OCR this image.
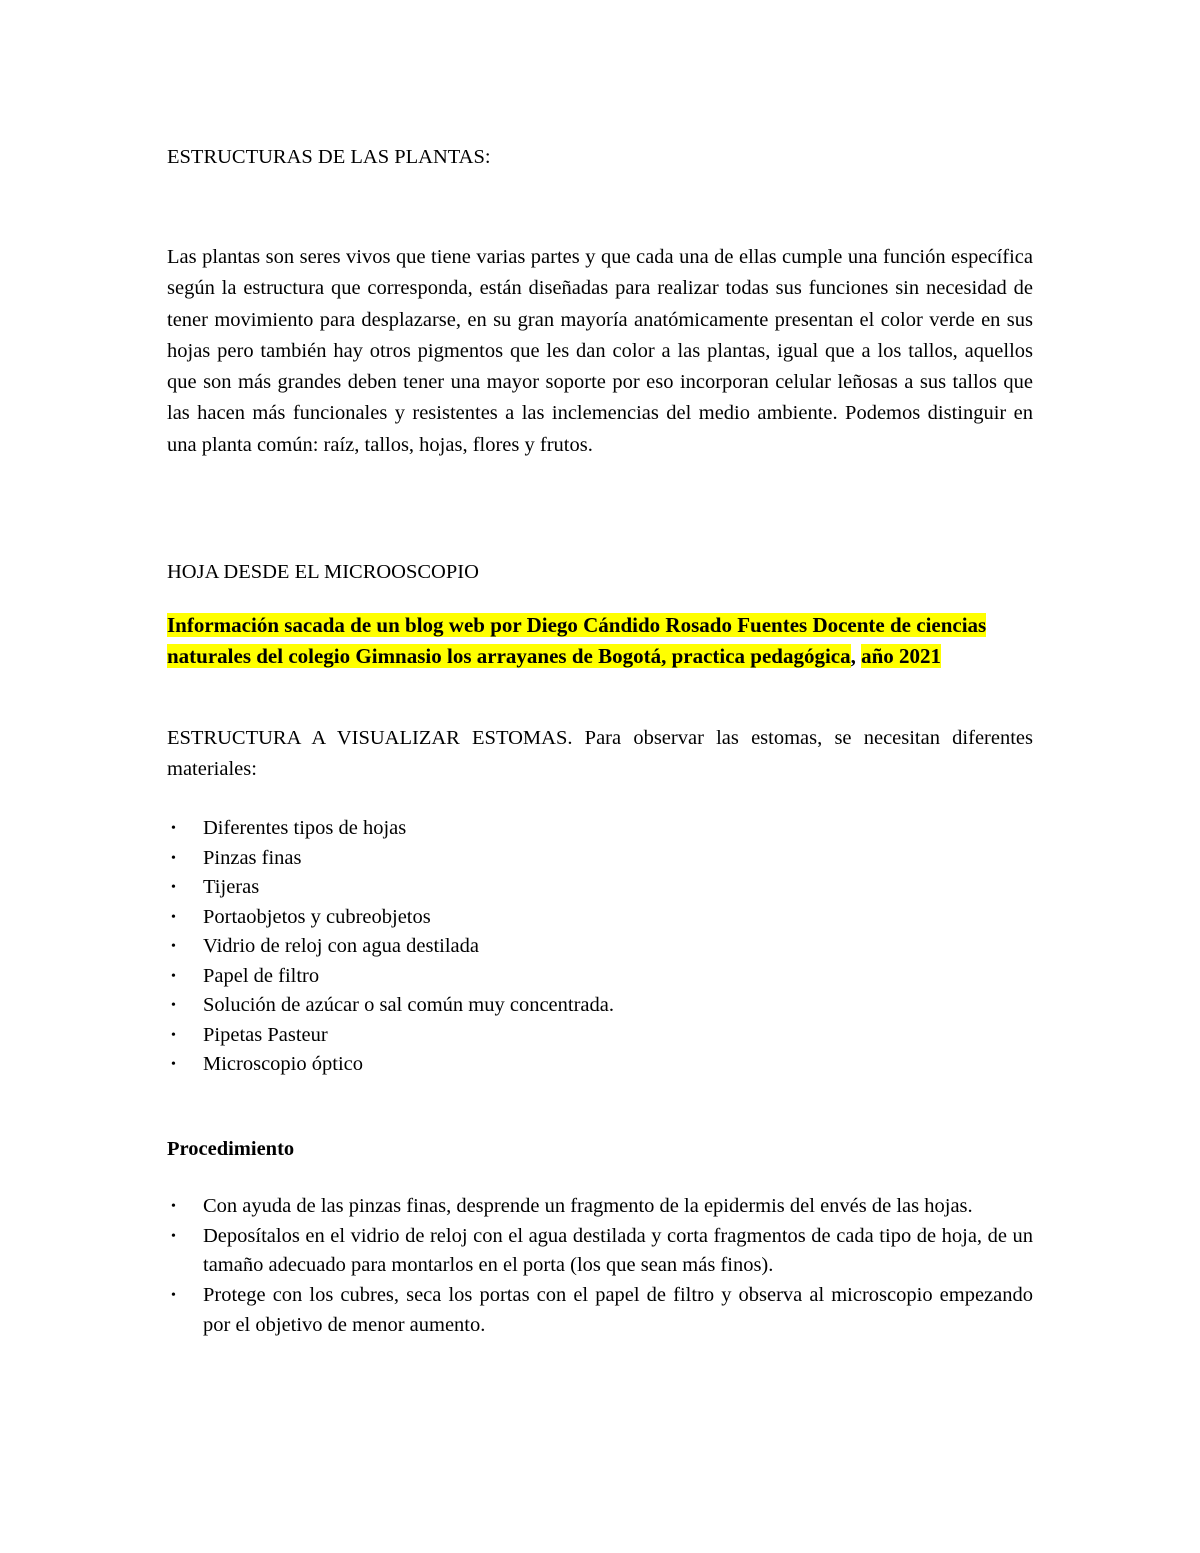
ESTRUCTURAS DE LAS PLANTAS:
Las plantas son seres vivos que tiene varias partes y que cada una de ellas cumple una función específica según la estructura que corresponda, están diseñadas para realizar todas sus funciones sin necesidad de tener movimiento para desplazarse, en su gran mayoría anatómicamente presentan el color verde en sus hojas pero también hay otros pigmentos que les dan color a las plantas, igual que a los tallos, aquellos que son más grandes deben tener una mayor soporte por eso incorporan celular leñosas a sus tallos que las hacen más funcionales y resistentes a las inclemencias del medio ambiente. Podemos distinguir en una planta común: raíz, tallos, hojas, flores y frutos.
HOJA DESDE EL MICROOSCOPIO
Información sacada de un blog web por Diego Cándido Rosado Fuentes Docente de ciencias naturales del colegio Gimnasio los arrayanes de Bogotá, practica pedagógica, año 2021
ESTRUCTURA A VISUALIZAR ESTOMAS. Para observar las estomas, se necesitan diferentes materiales:
• Diferentes tipos de hojas
• Pinzas finas
• Tijeras
• Portaobjetos y cubreobjetos
• Vidrio de reloj con agua destilada
• Papel de filtro
• Solución de azúcar o sal común muy concentrada.
• Pipetas Pasteur
• Microscopio óptico
Procedimiento
• Con ayuda de las pinzas finas, desprende un fragmento de la epidermis del envés de las hojas.
• Deposítalos en el vidrio de reloj con el agua destilada y corta fragmentos de cada tipo de hoja, de un tamaño adecuado para montarlos en el porta (los que sean más finos).
• Protege con los cubres, seca los portas con el papel de filtro y observa al microscopio empezando por el objetivo de menor aumento.
